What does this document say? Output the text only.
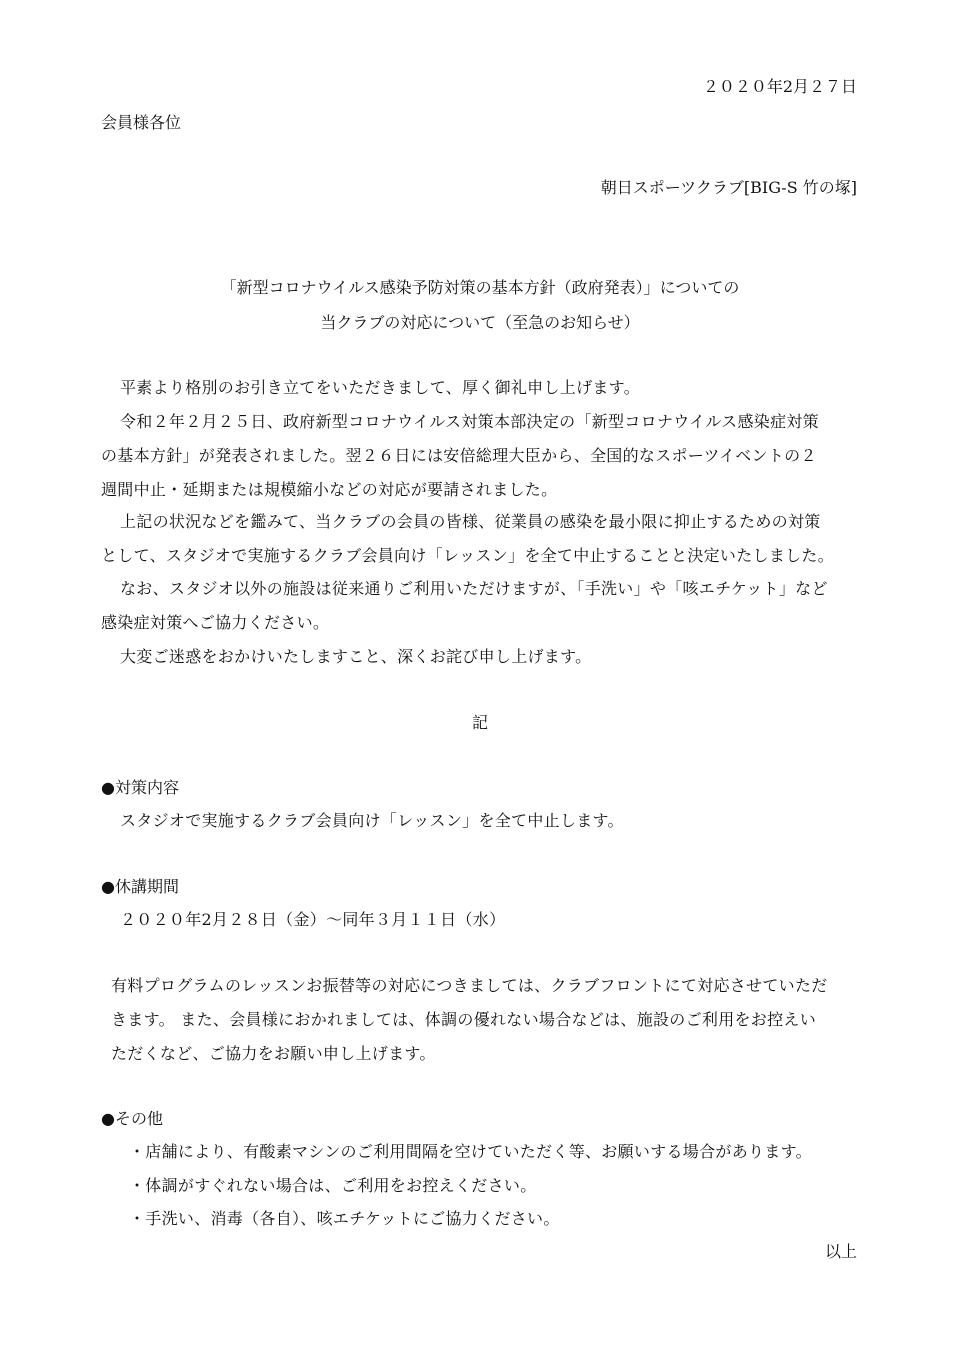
２０２０年2月２７日
会員様各位
朝日スポーツクラブ[BIG-S 竹の塚]
「新型コロナウイルス感染予防対策の基本方針（政府発表）」についての
当クラブの対応について（至急のお知らせ）
平素より格別のお引き立てをいただきまして、厚く御礼申し上げます。
令和２年２月２５日、政府新型コロナウイルス対策本部決定の「新型コロナウイルス感染症対策
の基本方針」が発表されました。翌２６日には安倍総理大臣から、全国的なスポーツイベントの２
週間中止・延期または規模縮小などの対応が要請されました。
上記の状況などを鑑みて、当クラブの会員の皆様、従業員の感染を最小限に抑止するための対策
として、スタジオで実施するクラブ会員向け「レッスン」を全て中止することと決定いたしました。
なお、スタジオ以外の施設は従来通りご利用いただけますが、「手洗い」や「咳エチケット」など
感染症対策へご協力ください。
大変ご迷惑をおかけいたしますこと、深くお詫び申し上げます。
記
●対策内容
スタジオで実施するクラブ会員向け「レッスン」を全て中止します。
●休講期間
２０２０年2月２８日（金）～同年３月１１日（水）
有料プログラムのレッスンお振替等の対応につきましては、クラブフロントにて対応させていただ
きます。 また、会員様におかれましては、体調の優れない場合などは、施設のご利用をお控えい
ただくなど、ご協力をお願い申し上げます。
●その他
・店舗により、有酸素マシンのご利用間隔を空けていただく等、お願いする場合があります。
・体調がすぐれない場合は、ご利用をお控えください。
・手洗い、消毒（各自）、咳エチケットにご協力ください。
以上
